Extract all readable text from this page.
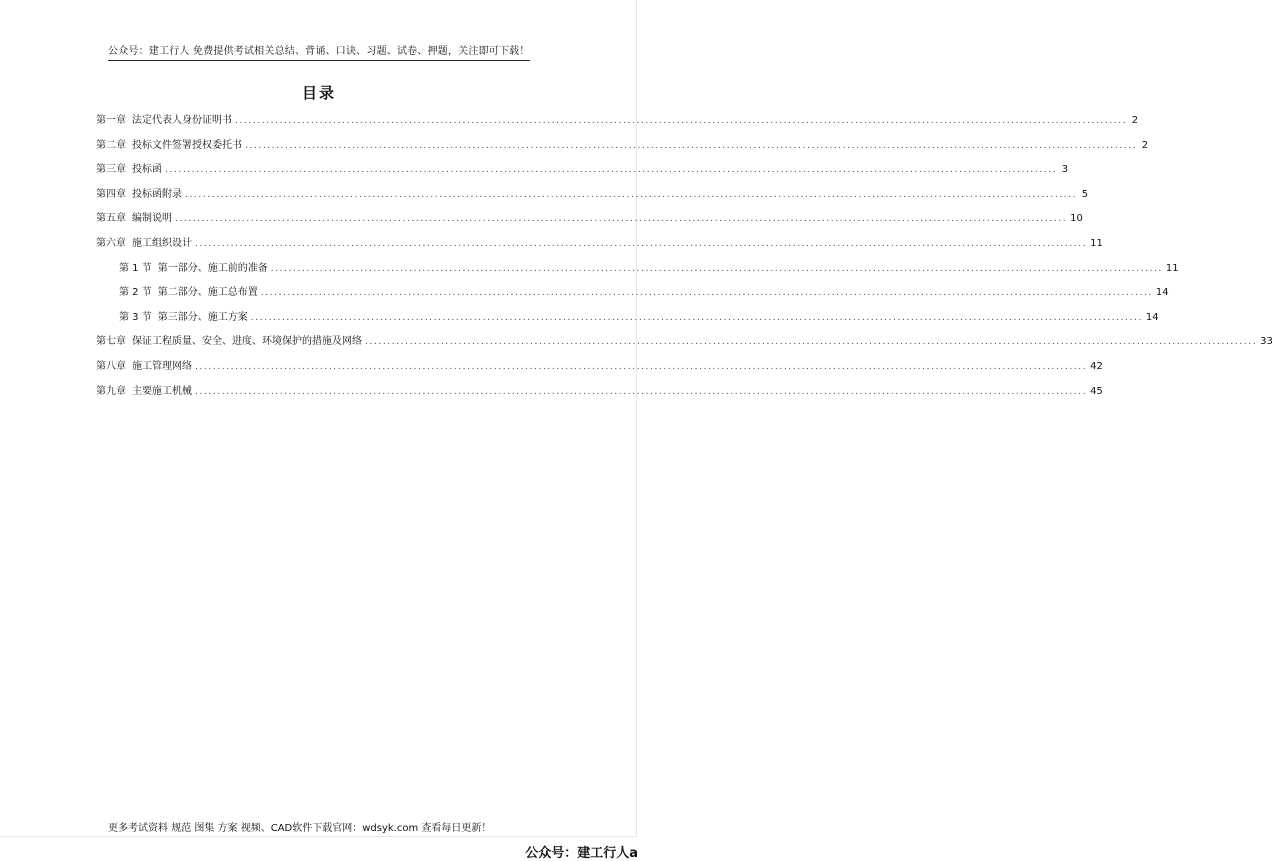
公众号：建工行人 免费提供考试相关总结、背诵、口诀、习题、试卷、押题，关注即可下载！
目录
第一章 法定代表人身份证明书 ........................................................................................................................................................................................................ 2
第二章 投标文件签署授权委托书 ........................................................................................................................................................................................................ 2
第三章 投标函 ........................................................................................................................................................................................................ 3
第四章 投标函附录 ........................................................................................................................................................................................................ 5
第五章 编制说明 ........................................................................................................................................................................................................ 10
第六章 施工组织设计 ........................................................................................................................................................................................................ 11
第 1 节 第一部分、施工前的准备 ........................................................................................................................................................................................................ 11
第 2 节 第二部分、施工总布置 ........................................................................................................................................................................................................ 14
第 3 节 第三部分、施工方案 ........................................................................................................................................................................................................ 14
第七章 保证工程质量、安全、进度、环境保护的措施及网络 ........................................................................................................................................................................................................ 33
第八章 施工管理网络 ........................................................................................................................................................................................................ 42
第九章 主要施工机械 ........................................................................................................................................................................................................ 45
更多考试资料 规范 图集 方案 视频、CAD软件下载官网：wdsyk.com 查看每日更新！
公众号：建工行人a
